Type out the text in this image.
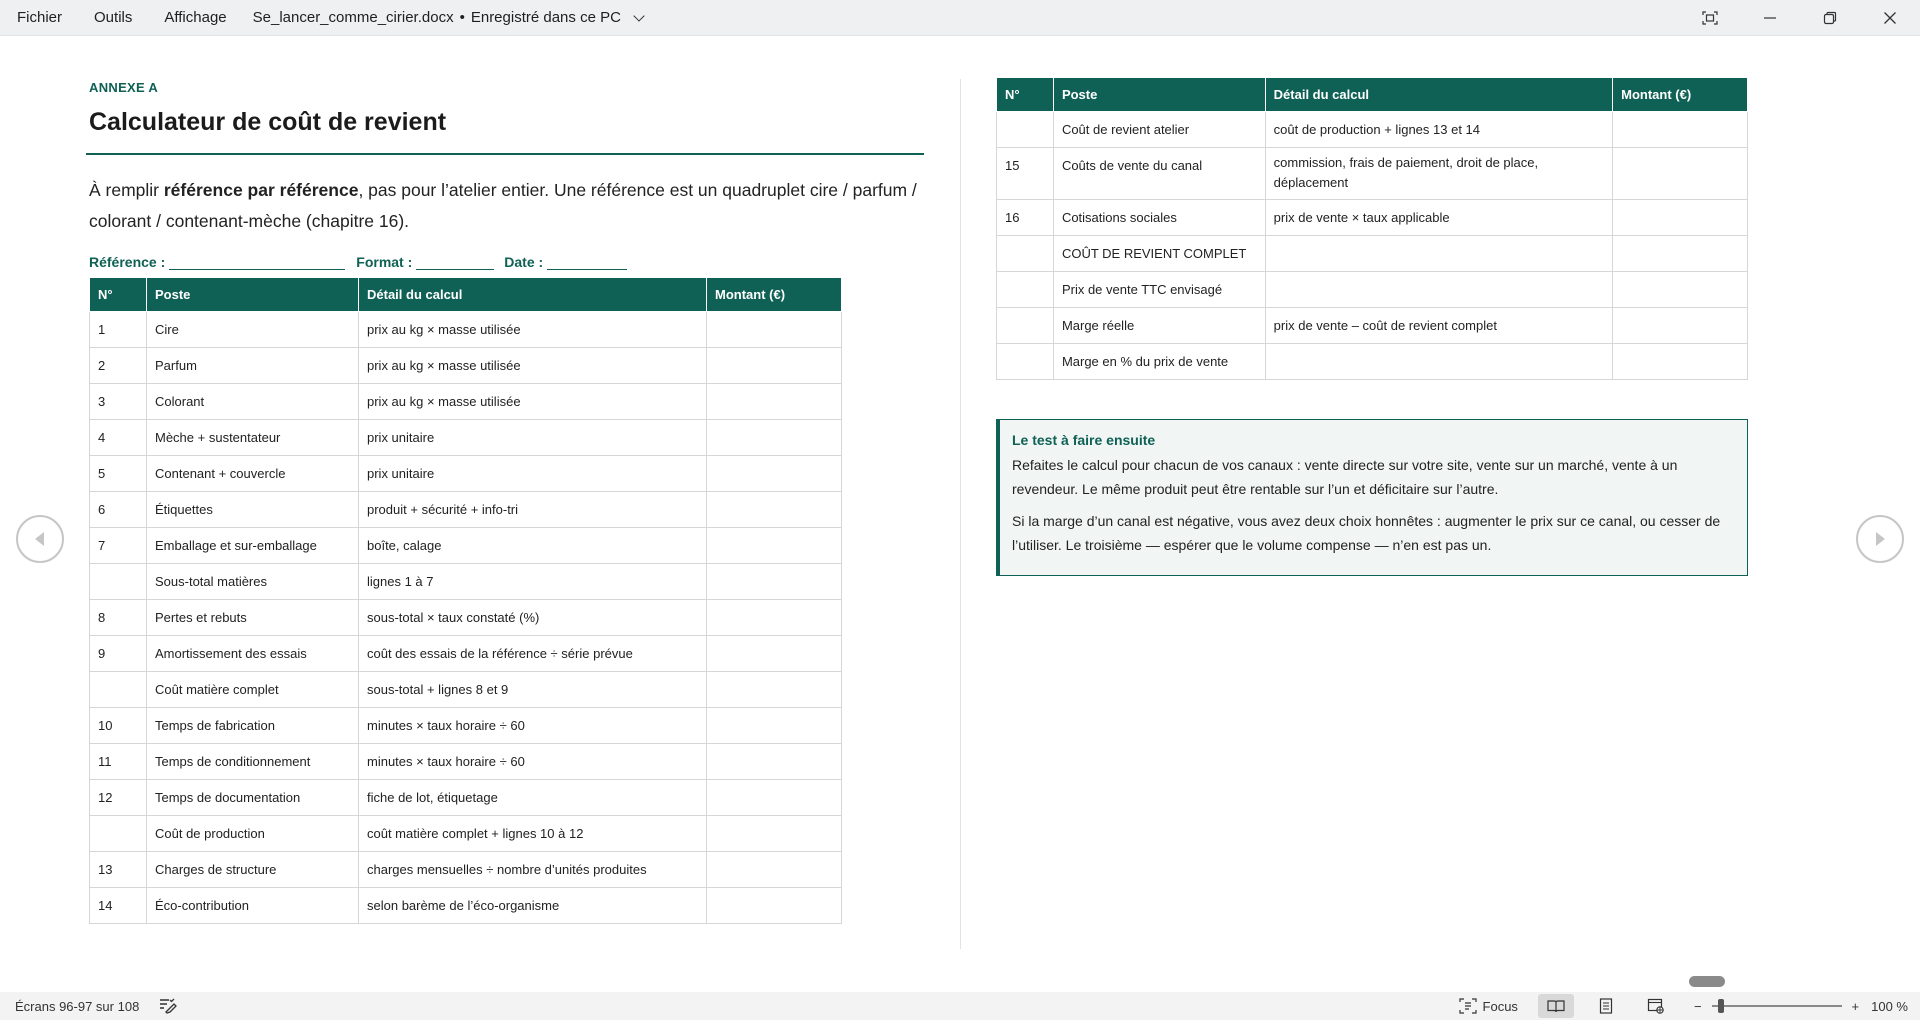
Fichier	Outils	Affichage	Se_lancer_comme_cirier.docx • Enregistré dans ce PC
ANNEXE A
Calculateur de coût de revient
À remplir référence par référence, pas pour l’atelier entier. Une référence est un quadruplet cire / parfum / colorant / contenant-mèche (chapitre 16).
Référence :	Format :	Date :
N°	Poste	Détail du calcul	Montant (€)
1	Cire	prix au kg × masse utilisée	
2	Parfum	prix au kg × masse utilisée	
3	Colorant	prix au kg × masse utilisée	
4	Mèche + sustentateur	prix unitaire	
5	Contenant + couvercle	prix unitaire	
6	Étiquettes	produit + sécurité + info-tri	
7	Emballage et sur-emballage	boîte, calage	
	Sous-total matières	lignes 1 à 7	
8	Pertes et rebuts	sous-total × taux constaté (%)	
9	Amortissement des essais	coût des essais de la référence ÷ série prévue	
	Coût matière complet	sous-total + lignes 8 et 9	
10	Temps de fabrication	minutes × taux horaire ÷ 60	
11	Temps de conditionnement	minutes × taux horaire ÷ 60	
12	Temps de documentation	fiche de lot, étiquetage	
	Coût de production	coût matière complet + lignes 10 à 12	
13	Charges de structure	charges mensuelles ÷ nombre d’unités produites	
14	Éco-contribution	selon barème de l’éco-organisme	
N°	Poste	Détail du calcul	Montant (€)
	Coût de revient atelier	coût de production + lignes 13 et 14	
15	Coûts de vente du canal	commission, frais de paiement, droit de place, déplacement	
16	Cotisations sociales	prix de vente × taux applicable	
	COÛT DE REVIENT COMPLET		
	Prix de vente TTC envisagé		
	Marge réelle	prix de vente – coût de revient complet	
	Marge en % du prix de vente		
Le test à faire ensuite

Refaites le calcul pour chacun de vos canaux : vente directe sur votre site, vente sur un marché, vente à un revendeur. Le même produit peut être rentable sur l’un et déficitaire sur l’autre.

Si la marge d’un canal est négative, vous avez deux choix honnêtes : augmenter le prix sur ce canal, ou cesser de l’utiliser. Le troisième — espérer que le volume compense — n’en est pas un.

Écrans 96-97 sur 108	Focus	−	+ 100 %
